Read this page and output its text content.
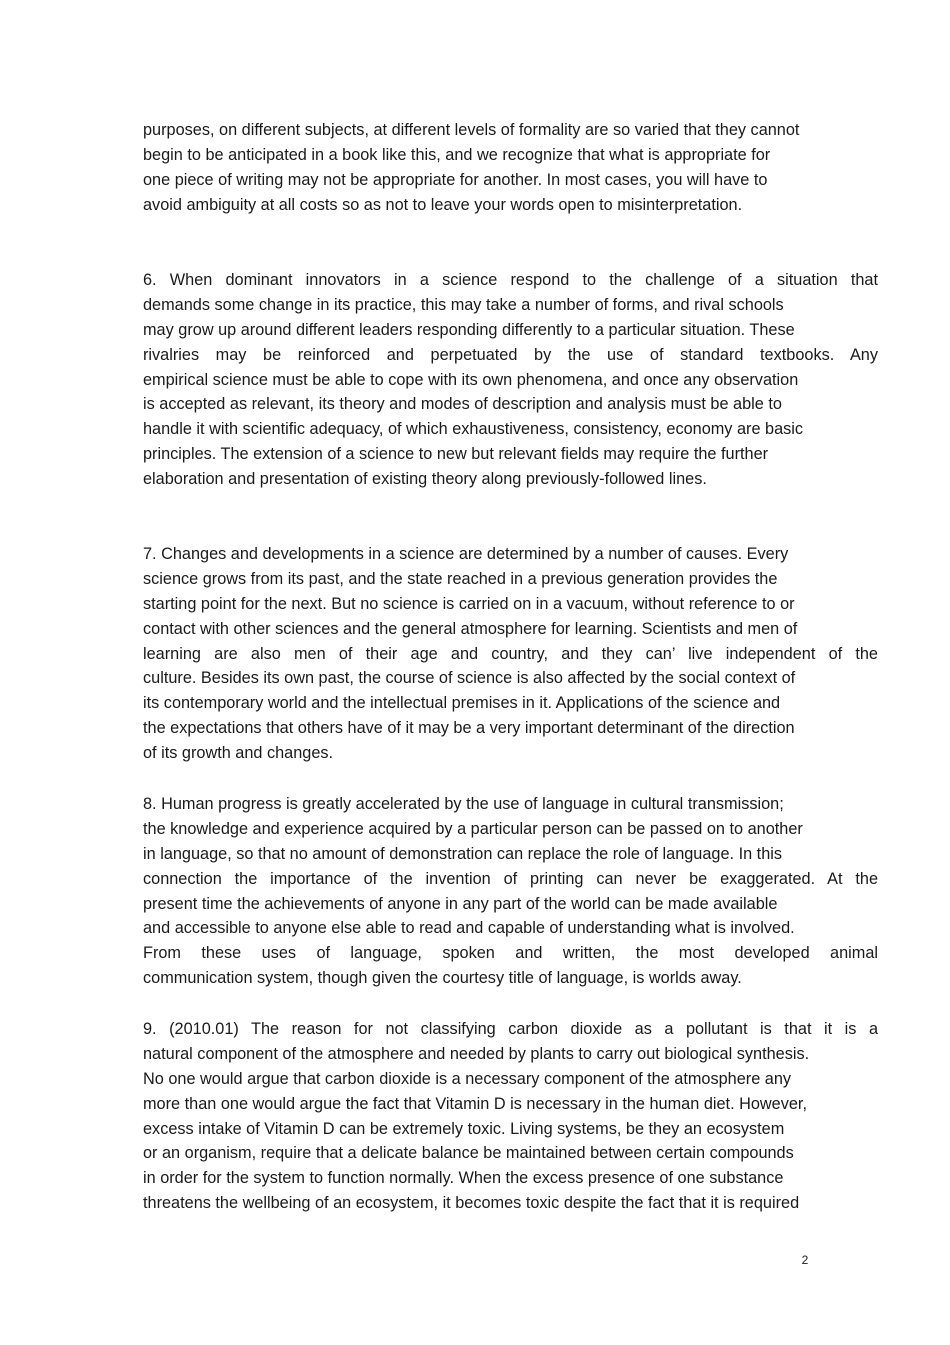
purposes, on different subjects, at different levels of formality are so varied that they cannot
begin to be anticipated in a book like this, and we recognize that what is appropriate for
one piece of writing may not be appropriate for another. In most cases, you will have to
avoid ambiguity at all costs so as not to leave your words open to misinterpretation.
6. When dominant innovators in a science respond to the challenge of a situation that
demands some change in its practice, this may take a number of forms, and rival schools
may grow up around different leaders responding differently to a particular situation. These
rivalries may be reinforced and perpetuated by the use of standard textbooks. Any
empirical science must be able to cope with its own phenomena, and once any observation
is accepted as relevant, its theory and modes of description and analysis must be able to
handle it with scientific adequacy, of which exhaustiveness, consistency, economy are basic
principles. The extension of a science to new but relevant fields may require the further
elaboration and presentation of existing theory along previously-followed lines.
7. Changes and developments in a science are determined by a number of causes. Every
science grows from its past, and the state reached in a previous generation provides the
starting point for the next. But no science is carried on in a vacuum, without reference to or
contact with other sciences and the general atmosphere for learning. Scientists and men of
learning are also men of their age and country, and they can’ live independent of the
culture. Besides its own past, the course of science is also affected by the social context of
its contemporary world and the intellectual premises in it. Applications of the science and
the expectations that others have of it may be a very important determinant of the direction
of its growth and changes.
8. Human progress is greatly accelerated by the use of language in cultural transmission;
the knowledge and experience acquired by a particular person can be passed on to another
in language, so that no amount of demonstration can replace the role of language. In this
connection the importance of the invention of printing can never be exaggerated. At the
present time the achievements of anyone in any part of the world can be made available
and accessible to anyone else able to read and capable of understanding what is involved.
From these uses of language, spoken and written, the most developed animal
communication system, though given the courtesy title of language, is worlds away.
9. (2010.01) The reason for not classifying carbon dioxide as a pollutant is that it is a
natural component of the atmosphere and needed by plants to carry out biological synthesis.
No one would argue that carbon dioxide is a necessary component of the atmosphere any
more than one would argue the fact that Vitamin D is necessary in the human diet. However,
excess intake of Vitamin D can be extremely toxic. Living systems, be they an ecosystem
or an organism, require that a delicate balance be maintained between certain compounds
in order for the system to function normally. When the excess presence of one substance
threatens the wellbeing of an ecosystem, it becomes toxic despite the fact that it is required
2
